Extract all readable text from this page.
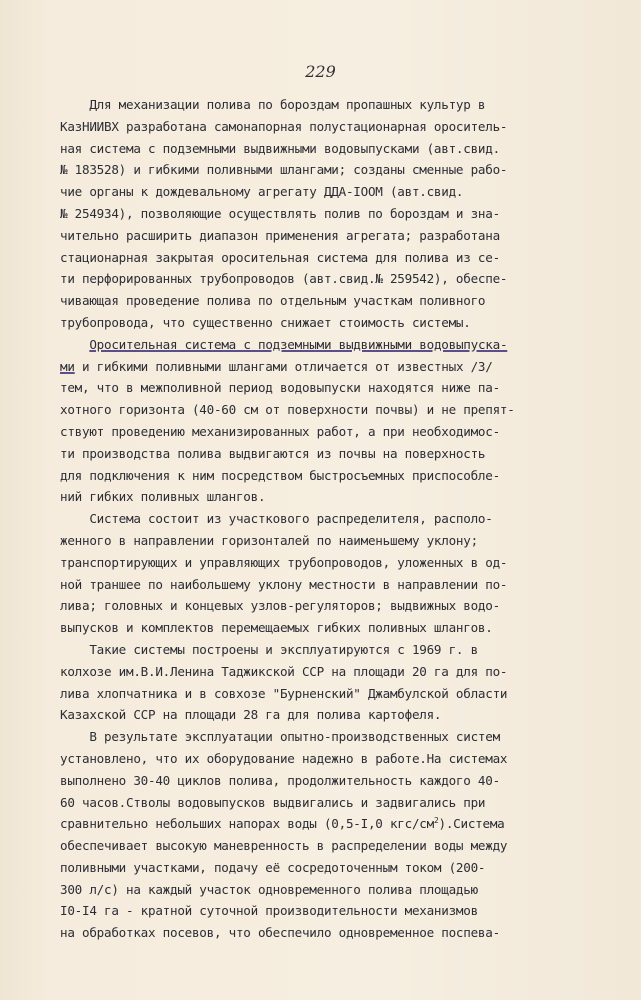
229
Для механизации полива по бороздам пропашных культур в
КазНИИВХ разработана самонапорная полустационарная ороситель-
ная система с подземными выдвижными водовыпусками (авт.свид.
№ 183528) и гибкими поливными шлангами; созданы сменные рабо-
чие органы к дождевальному агрегату ДДА-IOOM (авт.свид.
№ 254934), позволяющие осуществлять полив по бороздам и зна-
чительно расширить диапазон применения агрегата; разработана
стационарная закрытая оросительная система для полива из се-
ти перфорированных трубопроводов (авт.свид.№ 259542), обеспе-
чивающая проведение полива по отдельным участкам поливного
трубопровода, что существенно снижает стоимость системы.
Оросительная система с подземными выдвижными водовыпуска-
ми и гибкими поливными шлангами отличается от известных /3/
тем, что в межполивной период водовыпуски находятся ниже па-
хотного горизонта (40-60 см от поверхности почвы) и не препят-
ствуют проведению механизированных работ, а при необходимос-
ти производства полива выдвигаются из почвы на поверхность
для подключения к ним посредством быстросъемных приспособле-
ний гибких поливных шлангов.
Система состоит из участкового распределителя, располо-
женного в направлении горизонталей по наименьшему уклону;
транспортирующих и управляющих трубопроводов, уложенных в од-
ной траншее по наибольшему уклону местности в направлении по-
лива; головных и концевых узлов-регуляторов; выдвижных водо-
выпусков и комплектов перемещаемых гибких поливных шлангов.
Такие системы построены и эксплуатируются с 1969 г. в
колхозе им.В.И.Ленина Таджикской ССР на площади 20 га для по-
лива хлопчатника и в совхозе "Бурненский" Джамбулской области
Казахской ССР на площади 28 га для полива картофеля.
В результате эксплуатации опытно-производственных систем
установлено, что их оборудование надежно в работе.На системах
выполнено 30-40 циклов полива, продолжительность каждого 40-
60 часов.Стволы водовыпусков выдвигались и задвигались при
сравнительно небольших напорах воды (0,5-I,0 кгс/$см^2).Система$
обеспечивает высокую маневренность в распределении воды между
поливными участками, подачу её сосредоточенным током (200-
300 л/с) на каждый участок одновременного полива площадью
I0-I4 га - кратной суточной производительности механизмов
на обработках посевов, что обеспечило одновременное поспева-
